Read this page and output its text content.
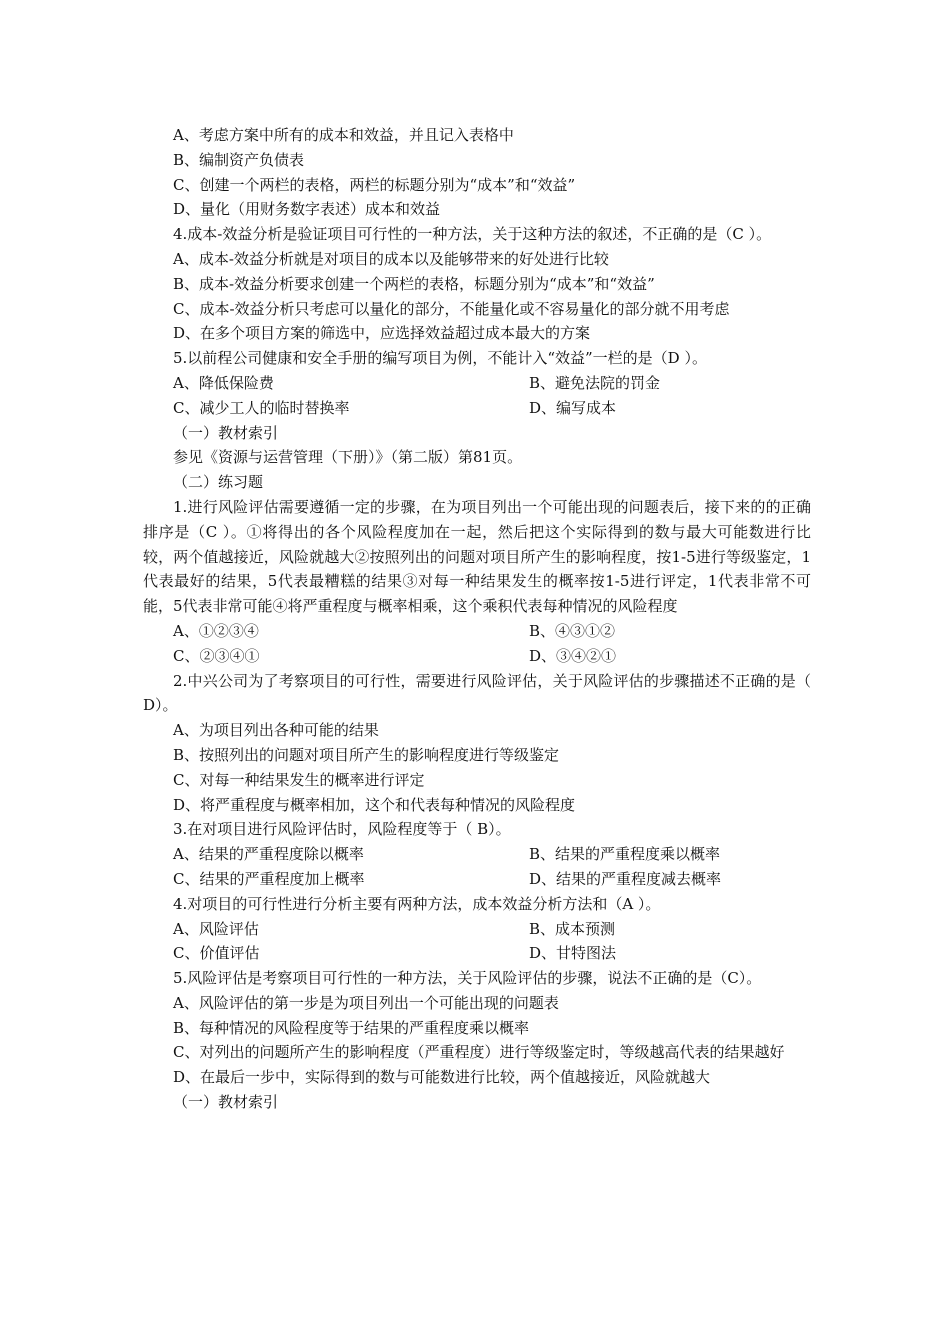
A、考虑方案中所有的成本和效益，并且记入表格中
B、编制资产负债表
C、创建一个两栏的表格，两栏的标题分别为“成本”和“效益”
D、量化（用财务数字表述）成本和效益
4.成本-效益分析是验证项目可行性的一种方法，关于这种方法的叙述，不正确的是（C ）。
A、成本-效益分析就是对项目的成本以及能够带来的好处进行比较
B、成本-效益分析要求创建一个两栏的表格，标题分别为“成本”和“效益”
C、成本-效益分析只考虑可以量化的部分，不能量化或不容易量化的部分就不用考虑
D、在多个项目方案的筛选中，应选择效益超过成本最大的方案
5.以前程公司健康和安全手册的编写项目为例，不能计入“效益”一栏的是（D ）。
A、降低保险费	B、避免法院的罚金
C、减少工人的临时替换率	D、编写成本
（一）教材索引
参见《资源与运营管理（下册）》（第二版）第81页。
（二）练习题
1.进行风险评估需要遵循一定的步骤，在为项目列出一个可能出现的问题表后，接下来的的正确排序是（C ）。①将得出的各个风险程度加在一起，然后把这个实际得到的数与最大可能数进行比较，两个值越接近，风险就越大②按照列出的问题对项目所产生的影响程度，按1-5进行等级鉴定，1代表最好的结果，5代表最糟糕的结果③对每一种结果发生的概率按1-5进行评定，1代表非常不可能，5代表非常可能④将严重程度与概率相乘，这个乘积代表每种情况的风险程度
A、①②③④	B、④③①②
C、②③④①	D、③④②①
2.中兴公司为了考察项目的可行性，需要进行风险评估，关于风险评估的步骤描述不正确的是（ D）。
A、为项目列出各种可能的结果
B、按照列出的问题对项目所产生的影响程度进行等级鉴定
C、对每一种结果发生的概率进行评定
D、将严重程度与概率相加，这个和代表每种情况的风险程度
3.在对项目进行风险评估时，风险程度等于（ B）。
A、结果的严重程度除以概率	B、结果的严重程度乘以概率
C、结果的严重程度加上概率	D、结果的严重程度减去概率
4.对项目的可行性进行分析主要有两种方法，成本效益分析方法和（A ）。
A、风险评估	B、成本预测
C、价值评估	D、甘特图法
5.风险评估是考察项目可行性的一种方法，关于风险评估的步骤，说法不正确的是（C）。
A、风险评估的第一步是为项目列出一个可能出现的问题表
B、每种情况的风险程度等于结果的严重程度乘以概率
C、对列出的问题所产生的影响程度（严重程度）进行等级鉴定时，等级越高代表的结果越好
D、在最后一步中，实际得到的数与可能数进行比较，两个值越接近，风险就越大
（一）教材索引
